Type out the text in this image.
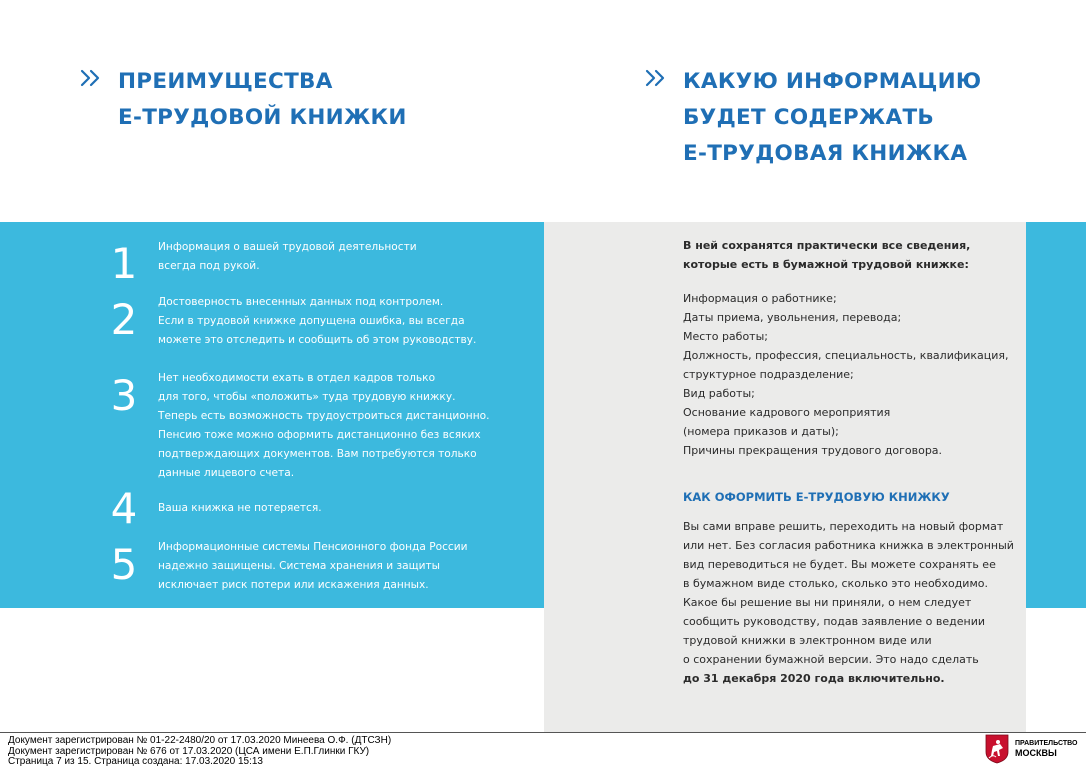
ПРЕИМУЩЕСТВА
Е-ТРУДОВОЙ КНИЖКИ
КАКУЮ ИНФОРМАЦИЮ
БУДЕТ СОДЕРЖАТЬ
Е-ТРУДОВАЯ КНИЖКА
1	Информация о вашей трудовой деятельности
всегда под рукой.
2	Достоверность внесенных данных под контролем.
Если в трудовой книжке допущена ошибка, вы всегда
можете это отследить и сообщить об этом руководству.
3	Нет необходимости ехать в отдел кадров только
для того, чтобы «положить» туда трудовую книжку.
Теперь есть возможность трудоустроиться дистанционно.
Пенсию тоже можно оформить дистанционно без всяких
подтверждающих документов. Вам потребуются только
данные лицевого счета.
4	Ваша книжка не потеряется.
5	Информационные системы Пенсионного фонда России
надежно защищены. Система хранения и защиты
исключает риск потери или искажения данных.
В ней сохранятся практически все сведения,
которые есть в бумажной трудовой книжке:
Информация о работнике;
Даты приема, увольнения, перевода;
Место работы;
Должность, профессия, специальность, квалификация,
структурное подразделение;
Вид работы;
Основание кадрового мероприятия
(номера приказов и даты);
Причины прекращения трудового договора.
КАК ОФОРМИТЬ Е-ТРУДОВУЮ КНИЖКУ
Вы сами вправе решить, переходить на новый формат
или нет. Без согласия работника книжка в электронный
вид переводиться не будет. Вы можете сохранять ее
в бумажном виде столько, сколько это необходимо.
Какое бы решение вы ни приняли, о нем следует
сообщить руководству, подав заявление о ведении
трудовой книжки в электронном виде или
о сохранении бумажной версии. Это надо сделать
до 31 декабря 2020 года включительно.
Документ зарегистрирован № 01-22-2480/20 от 17.03.2020 Минеева О.Ф. (ДТСЗН)
Документ зарегистрирован № 676 от 17.03.2020 (ЦСА имени Е.П.Глинки ГКУ)
Страница 7 из 15. Страница создана: 17.03.2020 15:13
ПРАВИТЕЛЬСТВО
МОСКВЫ
